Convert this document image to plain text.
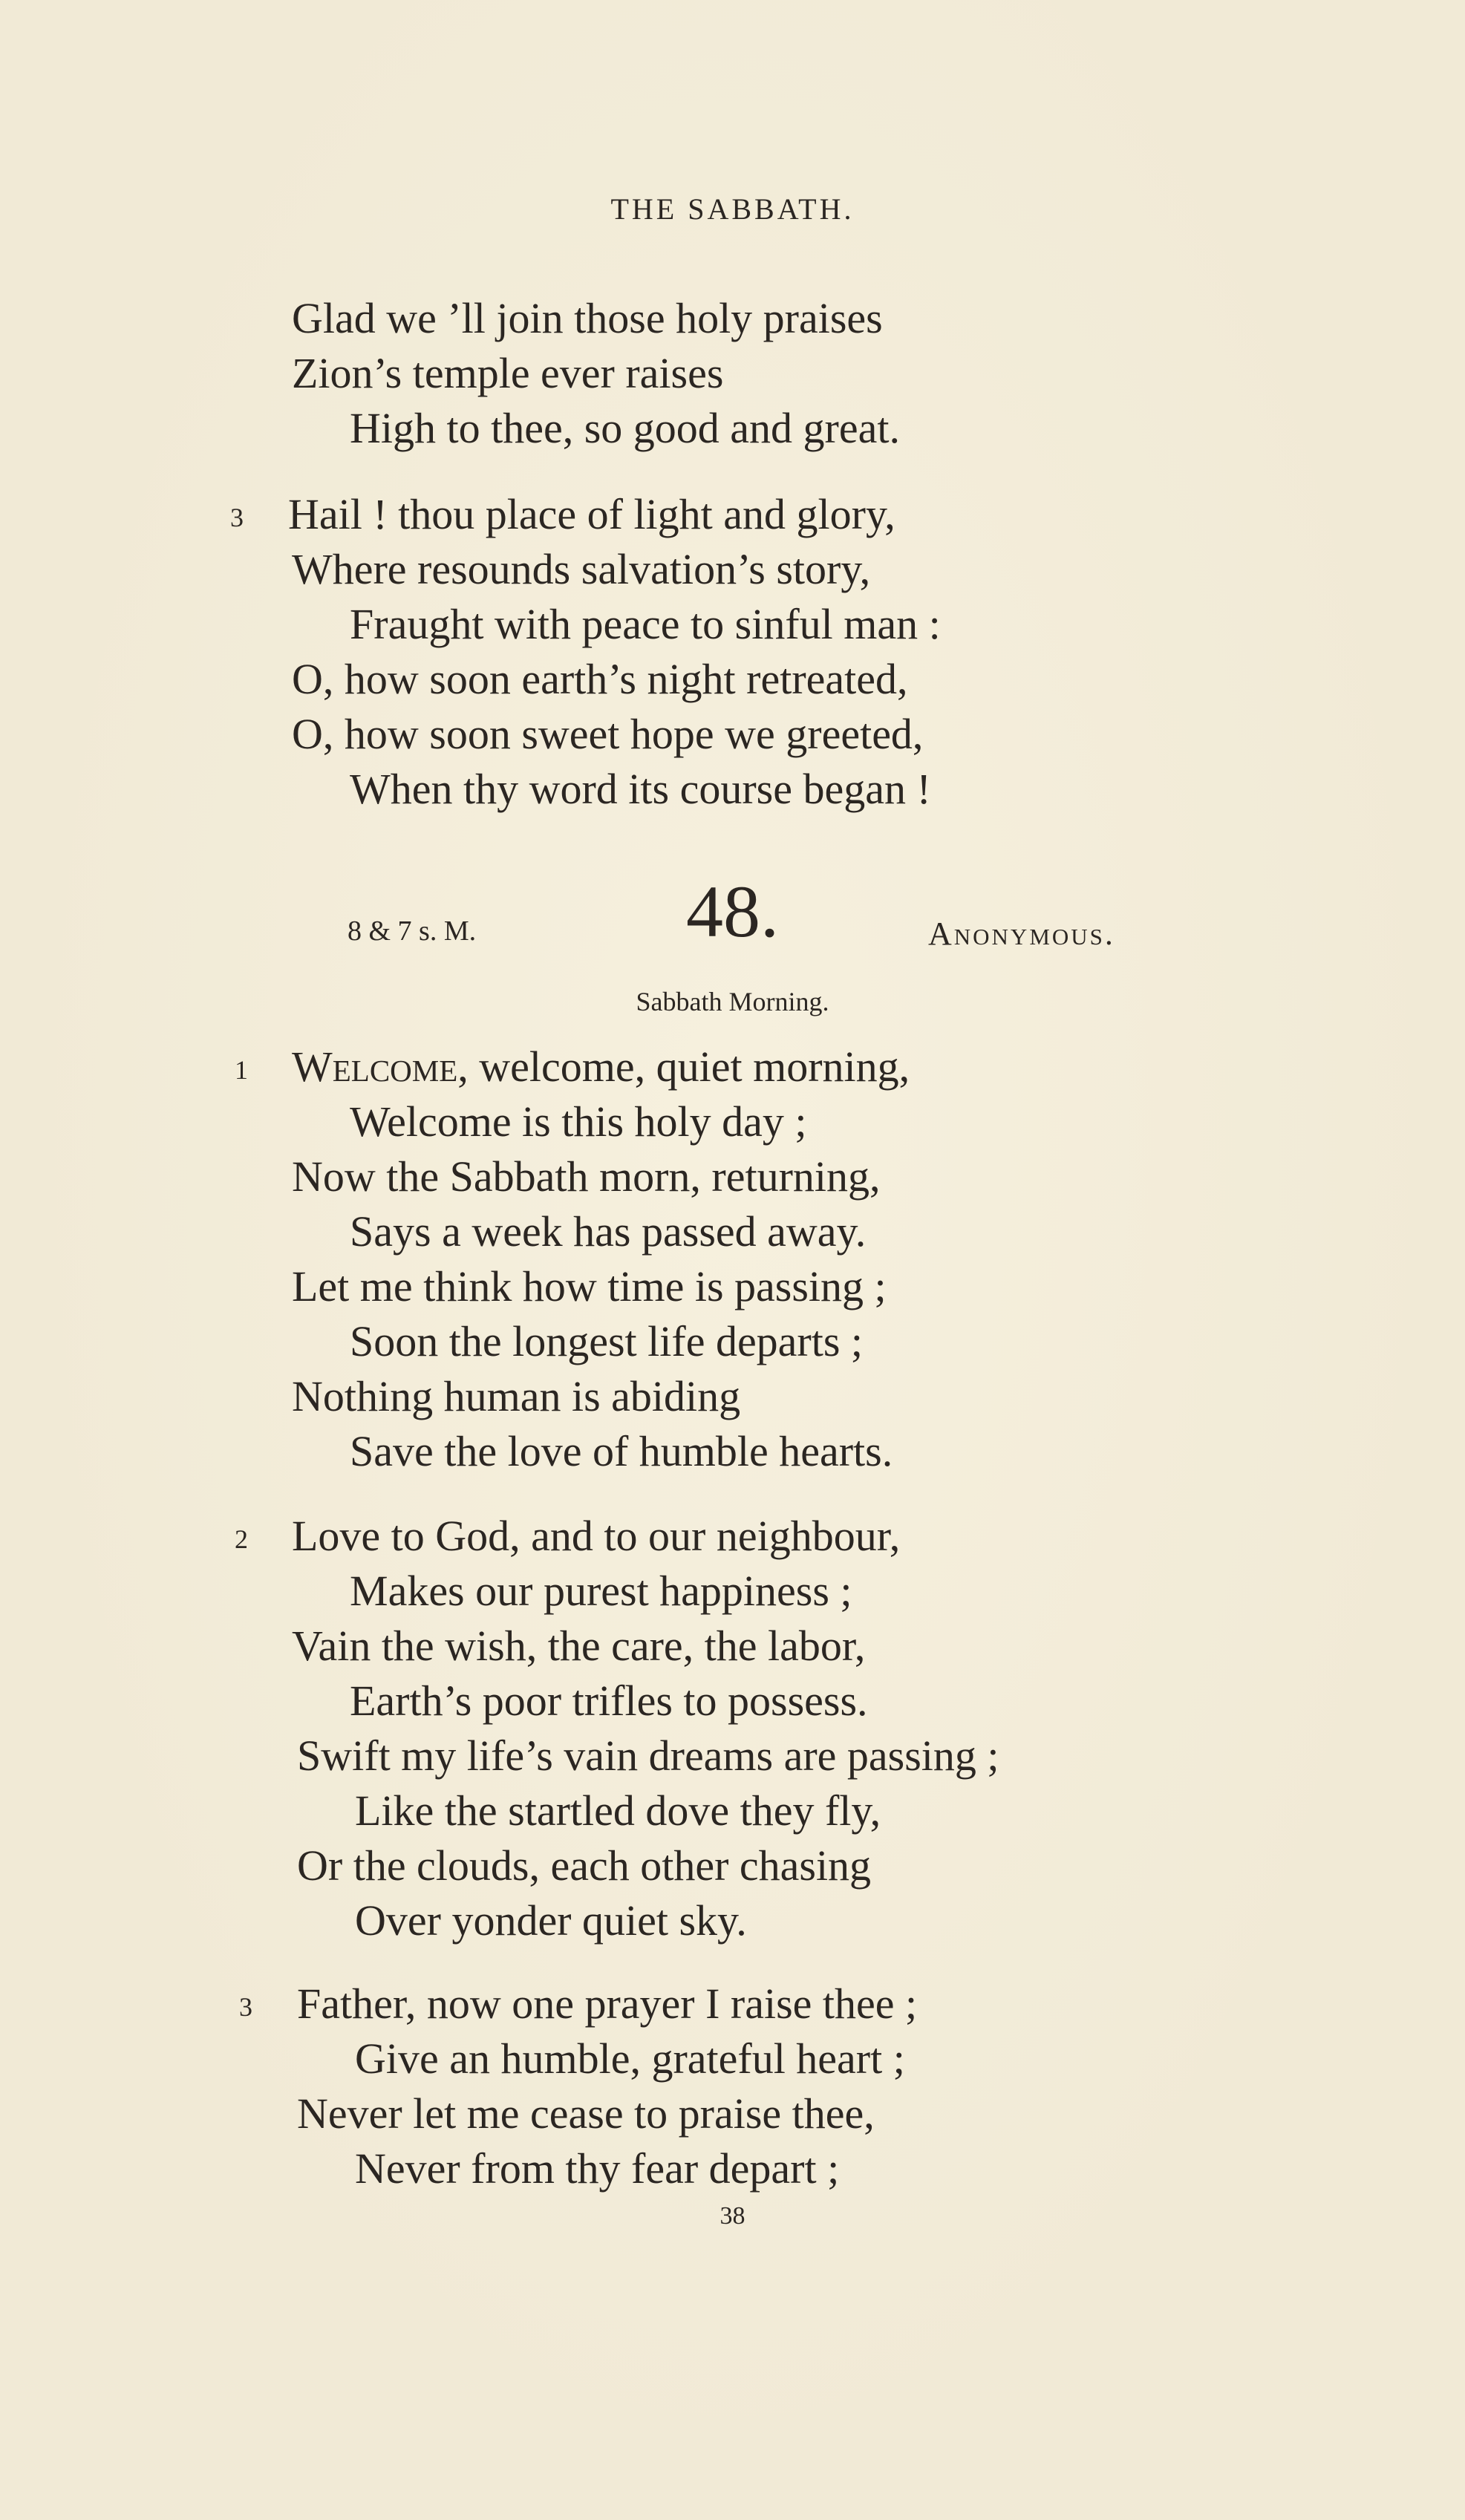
THE SABBATH.
Glad we ’ll join those holy praises
Zion’s temple ever raises
High to thee, so good and great.
3 Hail ! thou place of light and glory,
Where resounds salvation’s story,
Fraught with peace to sinful man :
O, how soon earth’s night retreated,
O, how soon sweet hope we greeted,
When thy word its course began !
8 & 7 s. M.	48.	Anonymous.
Sabbath Morning.
1 Welcome, welcome, quiet morning,
Welcome is this holy day ;
Now the Sabbath morn, returning,
Says a week has passed away.
Let me think how time is passing ;
Soon the longest life departs ;
Nothing human is abiding
Save the love of humble hearts.
2 Love to God, and to our neighbour,
Makes our purest happiness ;
Vain the wish, the care, the labor,
Earth’s poor trifles to possess.
Swift my life’s vain dreams are passing ;
Like the startled dove they fly,
Or the clouds, each other chasing
Over yonder quiet sky.
3 Father, now one prayer I raise thee ;
Give an humble, grateful heart ;
Never let me cease to praise thee,
Never from thy fear depart ;
38
